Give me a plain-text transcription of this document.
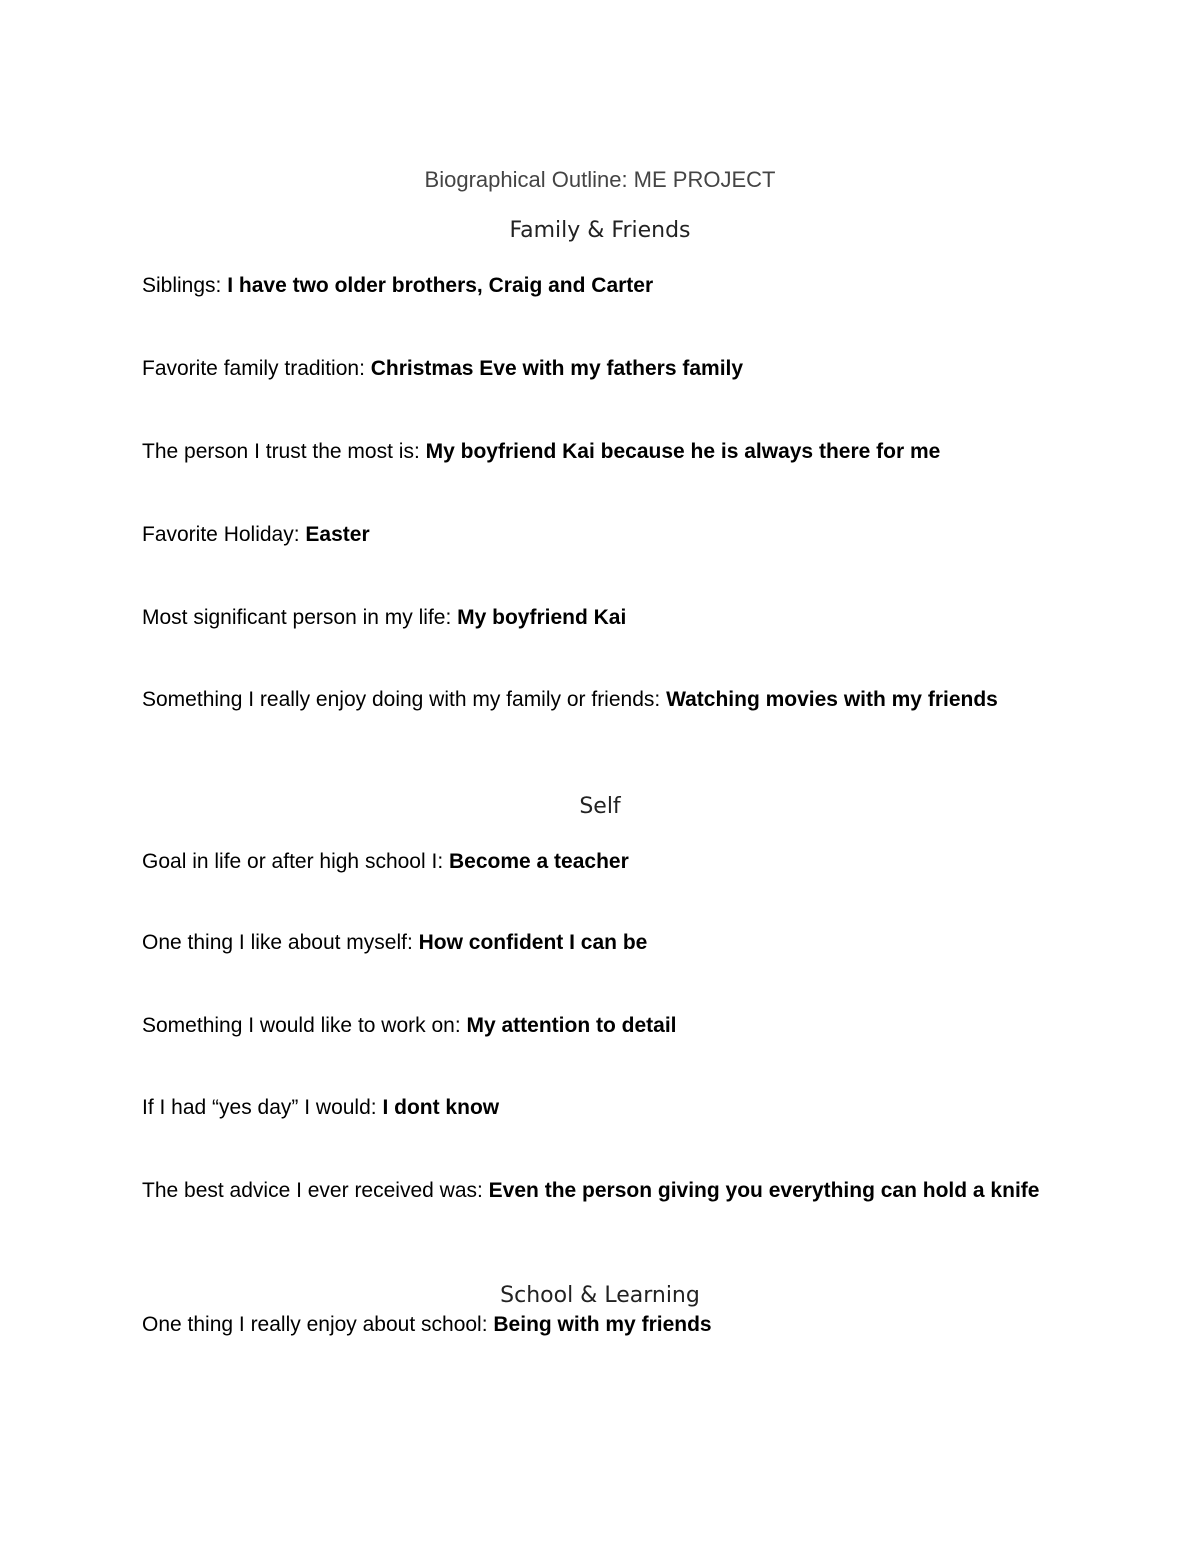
Biographical Outline: ME PROJECT
Family & Friends

Siblings: I have two older brothers, Craig and Carter

Favorite family tradition: Christmas Eve with my fathers family

The person I trust the most is: My boyfriend Kai because he is always there for me

Favorite Holiday: Easter

Most significant person in my life: My boyfriend Kai

Something I really enjoy doing with my family or friends: Watching movies with my friends

Self

Goal in life or after high school I: Become a teacher

One thing I like about myself: How confident I can be

Something I would like to work on: My attention to detail

If I had “yes day” I would: I dont know

The best advice I ever received was: Even the person giving you everything can hold a knife

School & Learning

One thing I really enjoy about school: Being with my friends
